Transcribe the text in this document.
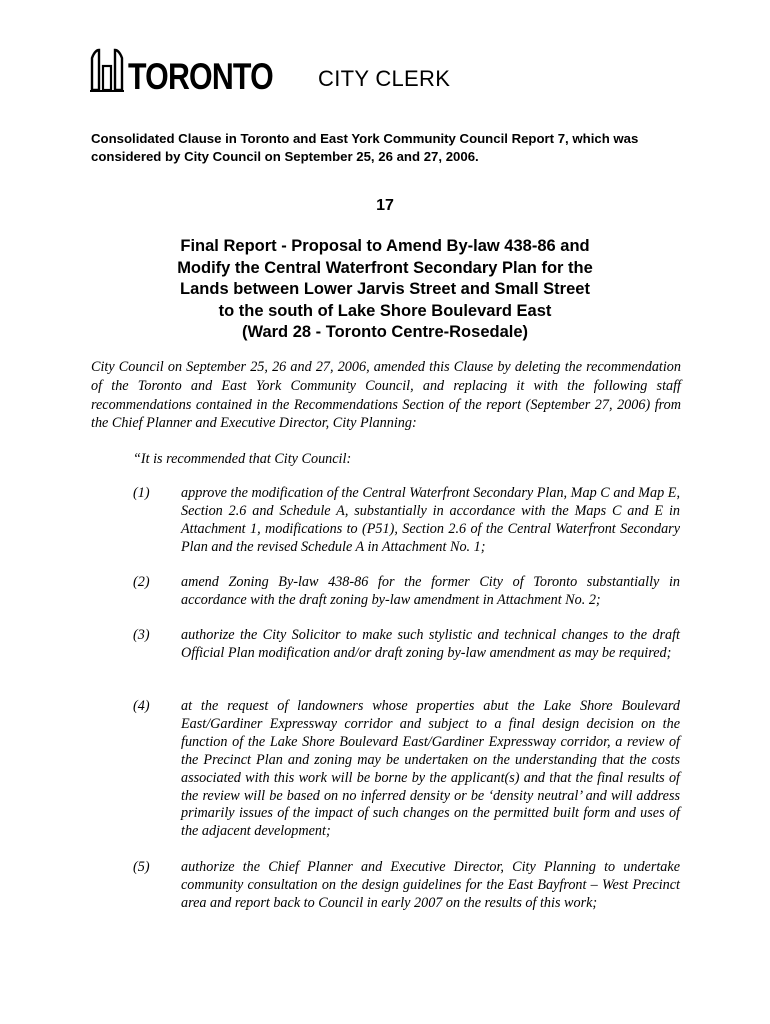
TORONTO CITY CLERK
Consolidated Clause in Toronto and East York Community Council Report 7, which was considered by City Council on September 25, 26 and 27, 2006.
17
Final Report - Proposal to Amend By-law 438-86 and
Modify the Central Waterfront Secondary Plan for the
Lands between Lower Jarvis Street and Small Street
to the south of Lake Shore Boulevard East
(Ward 28 - Toronto Centre-Rosedale)
City Council on September 25, 26 and 27, 2006, amended this Clause by deleting the recommendation of the Toronto and East York Community Council, and replacing it with the following staff recommendations contained in the Recommendations Section of the report (September 27, 2006) from the Chief Planner and Executive Director, City Planning:
“It is recommended that City Council:
(1) approve the modification of the Central Waterfront Secondary Plan, Map C and Map E, Section 2.6 and Schedule A, substantially in accordance with the Maps C and E in Attachment 1, modifications to (P51), Section 2.6 of the Central Waterfront Secondary Plan and the revised Schedule A in Attachment No. 1;
(2) amend Zoning By-law 438-86 for the former City of Toronto substantially in accordance with the draft zoning by-law amendment in Attachment No. 2;
(3) authorize the City Solicitor to make such stylistic and technical changes to the draft Official Plan modification and/or draft zoning by-law amendment as may be required;
(4) at the request of landowners whose properties abut the Lake Shore Boulevard East/Gardiner Expressway corridor and subject to a final design decision on the function of the Lake Shore Boulevard East/Gardiner Expressway corridor, a review of the Precinct Plan and zoning may be undertaken on the understanding that the costs associated with this work will be borne by the applicant(s) and that the final results of the review will be based on no inferred density or be ‘density neutral’ and will address primarily issues of the impact of such changes on the permitted built form and uses of the adjacent development;
(5) authorize the Chief Planner and Executive Director, City Planning to undertake community consultation on the design guidelines for the East Bayfront – West Precinct area and report back to Council in early 2007 on the results of this work;
